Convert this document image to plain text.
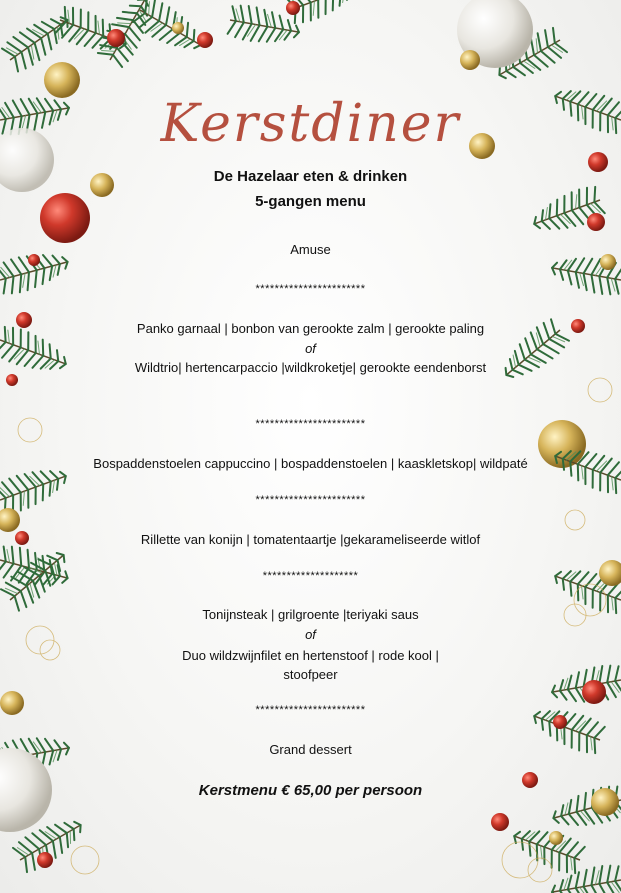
Kerstdiner
De Hazelaar eten & drinken
5-gangen menu
Amuse
***********************
Panko garnaal | bonbon van gerookte zalm | gerookte paling
of
Wildtrio| hertencarpaccio |wildkroketje| gerookte eendenborst
***********************
Bospaddenstoelen cappuccino | bospaddenstoelen | kaaskletskop| wildpaté
***********************
Rillette van konijn | tomatentaartje |gekarameliseerde witlof
********************
Tonijnsteak | grilgroente |teriyaki saus
of
Duo wildzwijnfilet en hertenstoof | rode kool |
stoofpeer
***********************
Grand dessert
Kerstmenu € 65,00 per persoon
